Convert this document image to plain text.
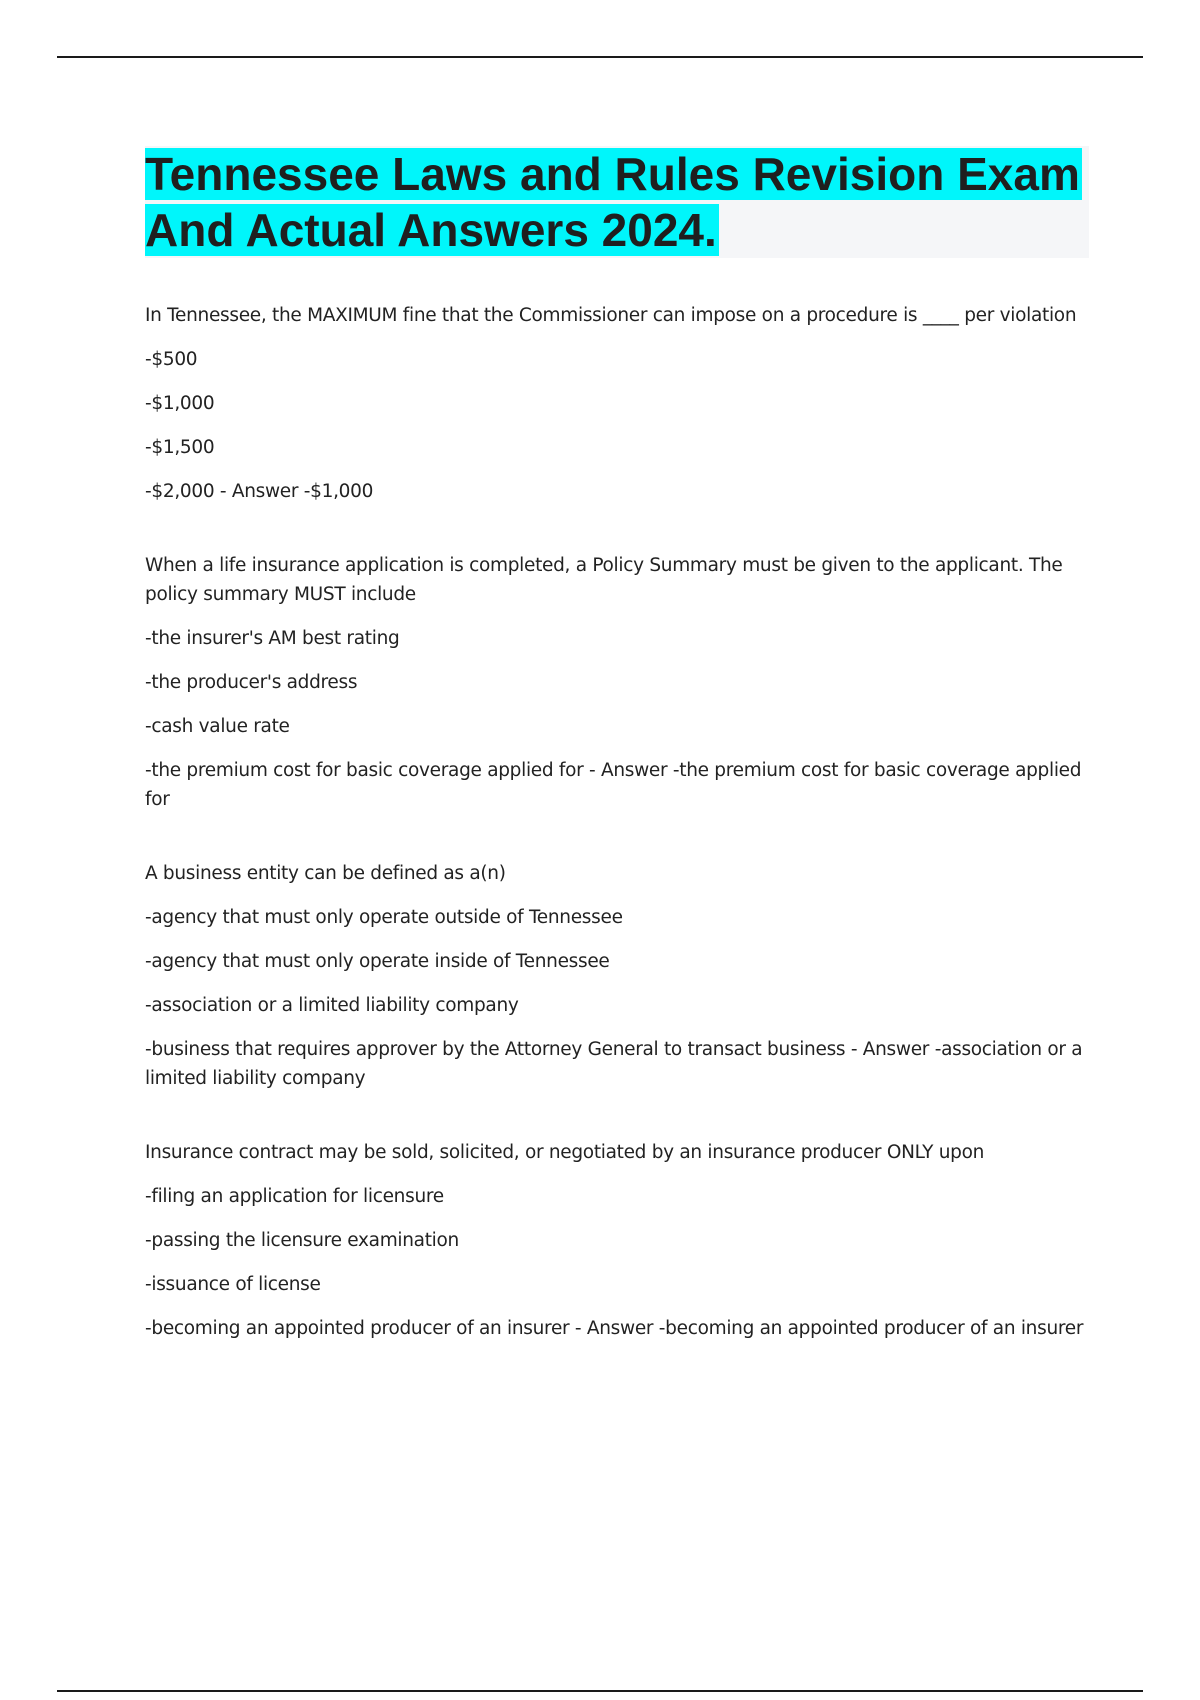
Tennessee Laws and Rules Revision Exam And Actual Answers 2024.

In Tennessee, the MAXIMUM fine that the Commissioner can impose on a procedure is ____ per violation

-$500

-$1,000

-$1,500

-$2,000 - Answer -$1,000

When a life insurance application is completed, a Policy Summary must be given to the applicant. The policy summary MUST include

-the insurer's AM best rating

-the producer's address

-cash value rate

-the premium cost for basic coverage applied for - Answer -the premium cost for basic coverage applied for

A business entity can be defined as a(n)

-agency that must only operate outside of Tennessee

-agency that must only operate inside of Tennessee

-association or a limited liability company

-business that requires approver by the Attorney General to transact business - Answer -association or a limited liability company

Insurance contract may be sold, solicited, or negotiated by an insurance producer ONLY upon

-filing an application for licensure

-passing the licensure examination

-issuance of license

-becoming an appointed producer of an insurer - Answer -becoming an appointed producer of an insurer
